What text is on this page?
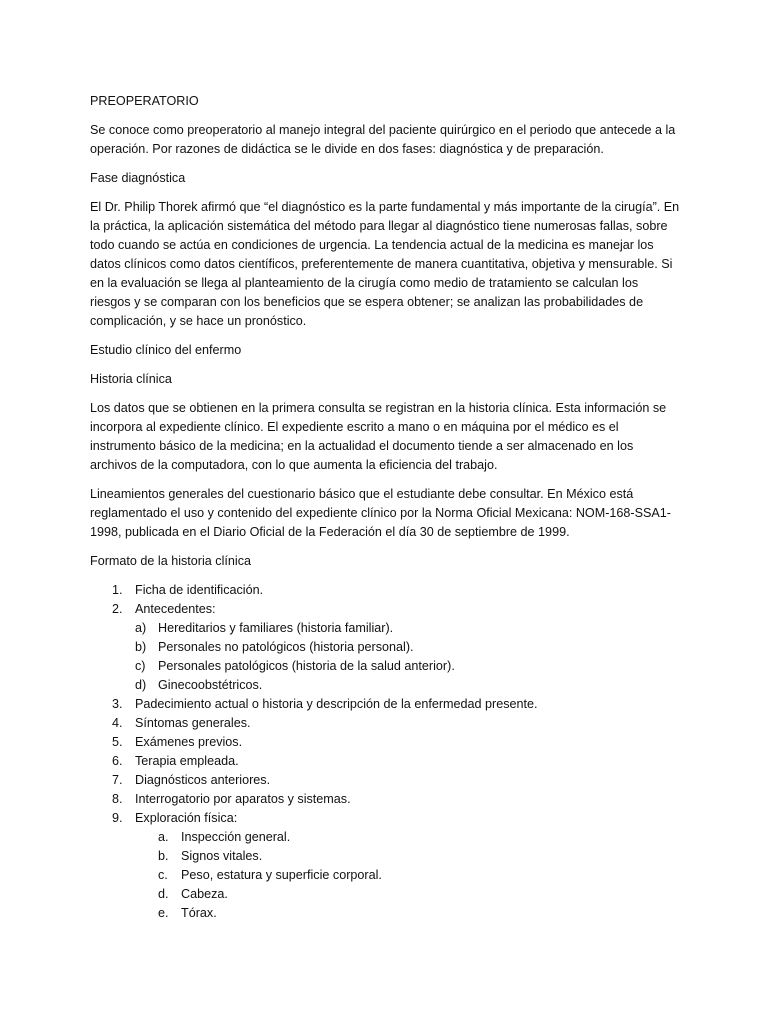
PREOPERATORIO

Se conoce como preoperatorio al manejo integral del paciente quirúrgico en el periodo que antecede a la operación. Por razones de didáctica se le divide en dos fases: diagnóstica y de preparación.

Fase diagnóstica

El Dr. Philip Thorek afirmó que “el diagnóstico es la parte fundamental y más importante de la cirugía”. En la práctica, la aplicación sistemática del método para llegar al diagnóstico tiene numerosas fallas, sobre todo cuando se actúa en condiciones de urgencia. La tendencia actual de la medicina es manejar los datos clínicos como datos científicos, preferentemente de manera cuantitativa, objetiva y mensurable. Si en la evaluación se llega al planteamiento de la cirugía como medio de tratamiento se calculan los riesgos y se comparan con los beneficios que se espera obtener; se analizan las probabilidades de complicación, y se hace un pronóstico.

Estudio clínico del enfermo

Historia clínica

Los datos que se obtienen en la primera consulta se registran en la historia clínica. Esta información se incorpora al expediente clínico. El expediente escrito a mano o en máquina por el médico es el instrumento básico de la medicina; en la actualidad el documento tiende a ser almacenado en los archivos de la computadora, con lo que aumenta la eficiencia del trabajo.

Lineamientos generales del cuestionario básico que el estudiante debe consultar. En México está reglamentado el uso y contenido del expediente clínico por la Norma Oficial Mexicana: NOM-168-SSA1-1998, publicada en el Diario Oficial de la Federación el día 30 de septiembre de 1999.

Formato de la historia clínica

1. Ficha de identificación.
2. Antecedentes:
a) Hereditarios y familiares (historia familiar).
b) Personales no patológicos (historia personal).
c) Personales patológicos (historia de la salud anterior).
d) Ginecoobstétricos.
3. Padecimiento actual o historia y descripción de la enfermedad presente.
4. Síntomas generales.
5. Exámenes previos.
6. Terapia empleada.
7. Diagnósticos anteriores.
8. Interrogatorio por aparatos y sistemas.
9. Exploración física:
a. Inspección general.
b. Signos vitales.
c. Peso, estatura y superficie corporal.
d. Cabeza.
e. Tórax.
